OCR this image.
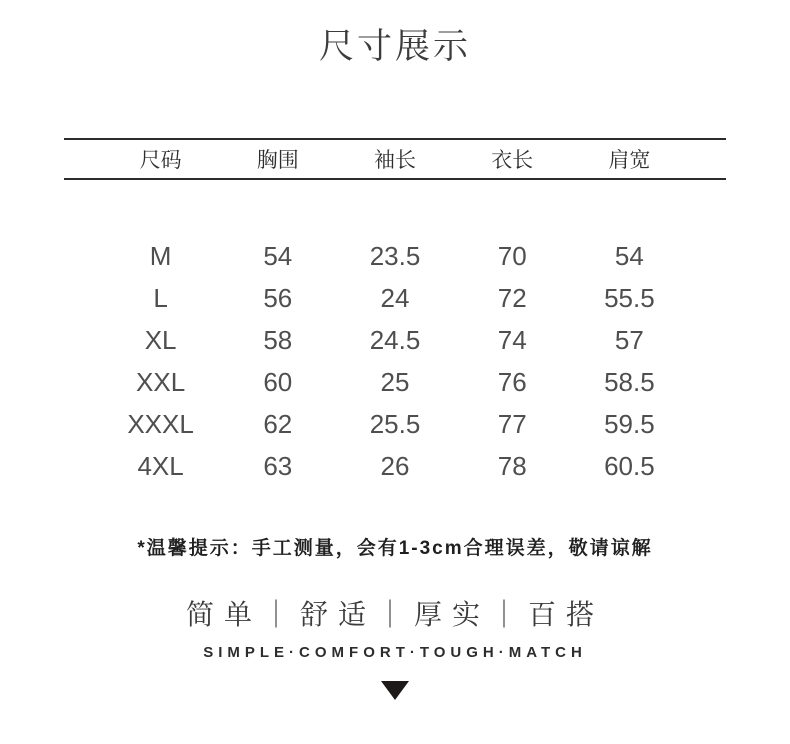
尺寸展示
尺码	胸围	袖长	衣长	肩宽
M	54	23.5	70	54
L	56	24	72	55.5
XL	58	24.5	74	57
XXL	60	25	76	58.5
XXXL	62	25.5	77	59.5
4XL	63	26	78	60.5

*温馨提示：手工测量，会有1-3cm合理误差，敬请谅解

简单｜舒适｜厚实｜百搭
SIMPLE·COMFORT·TOUGH·MATCH
